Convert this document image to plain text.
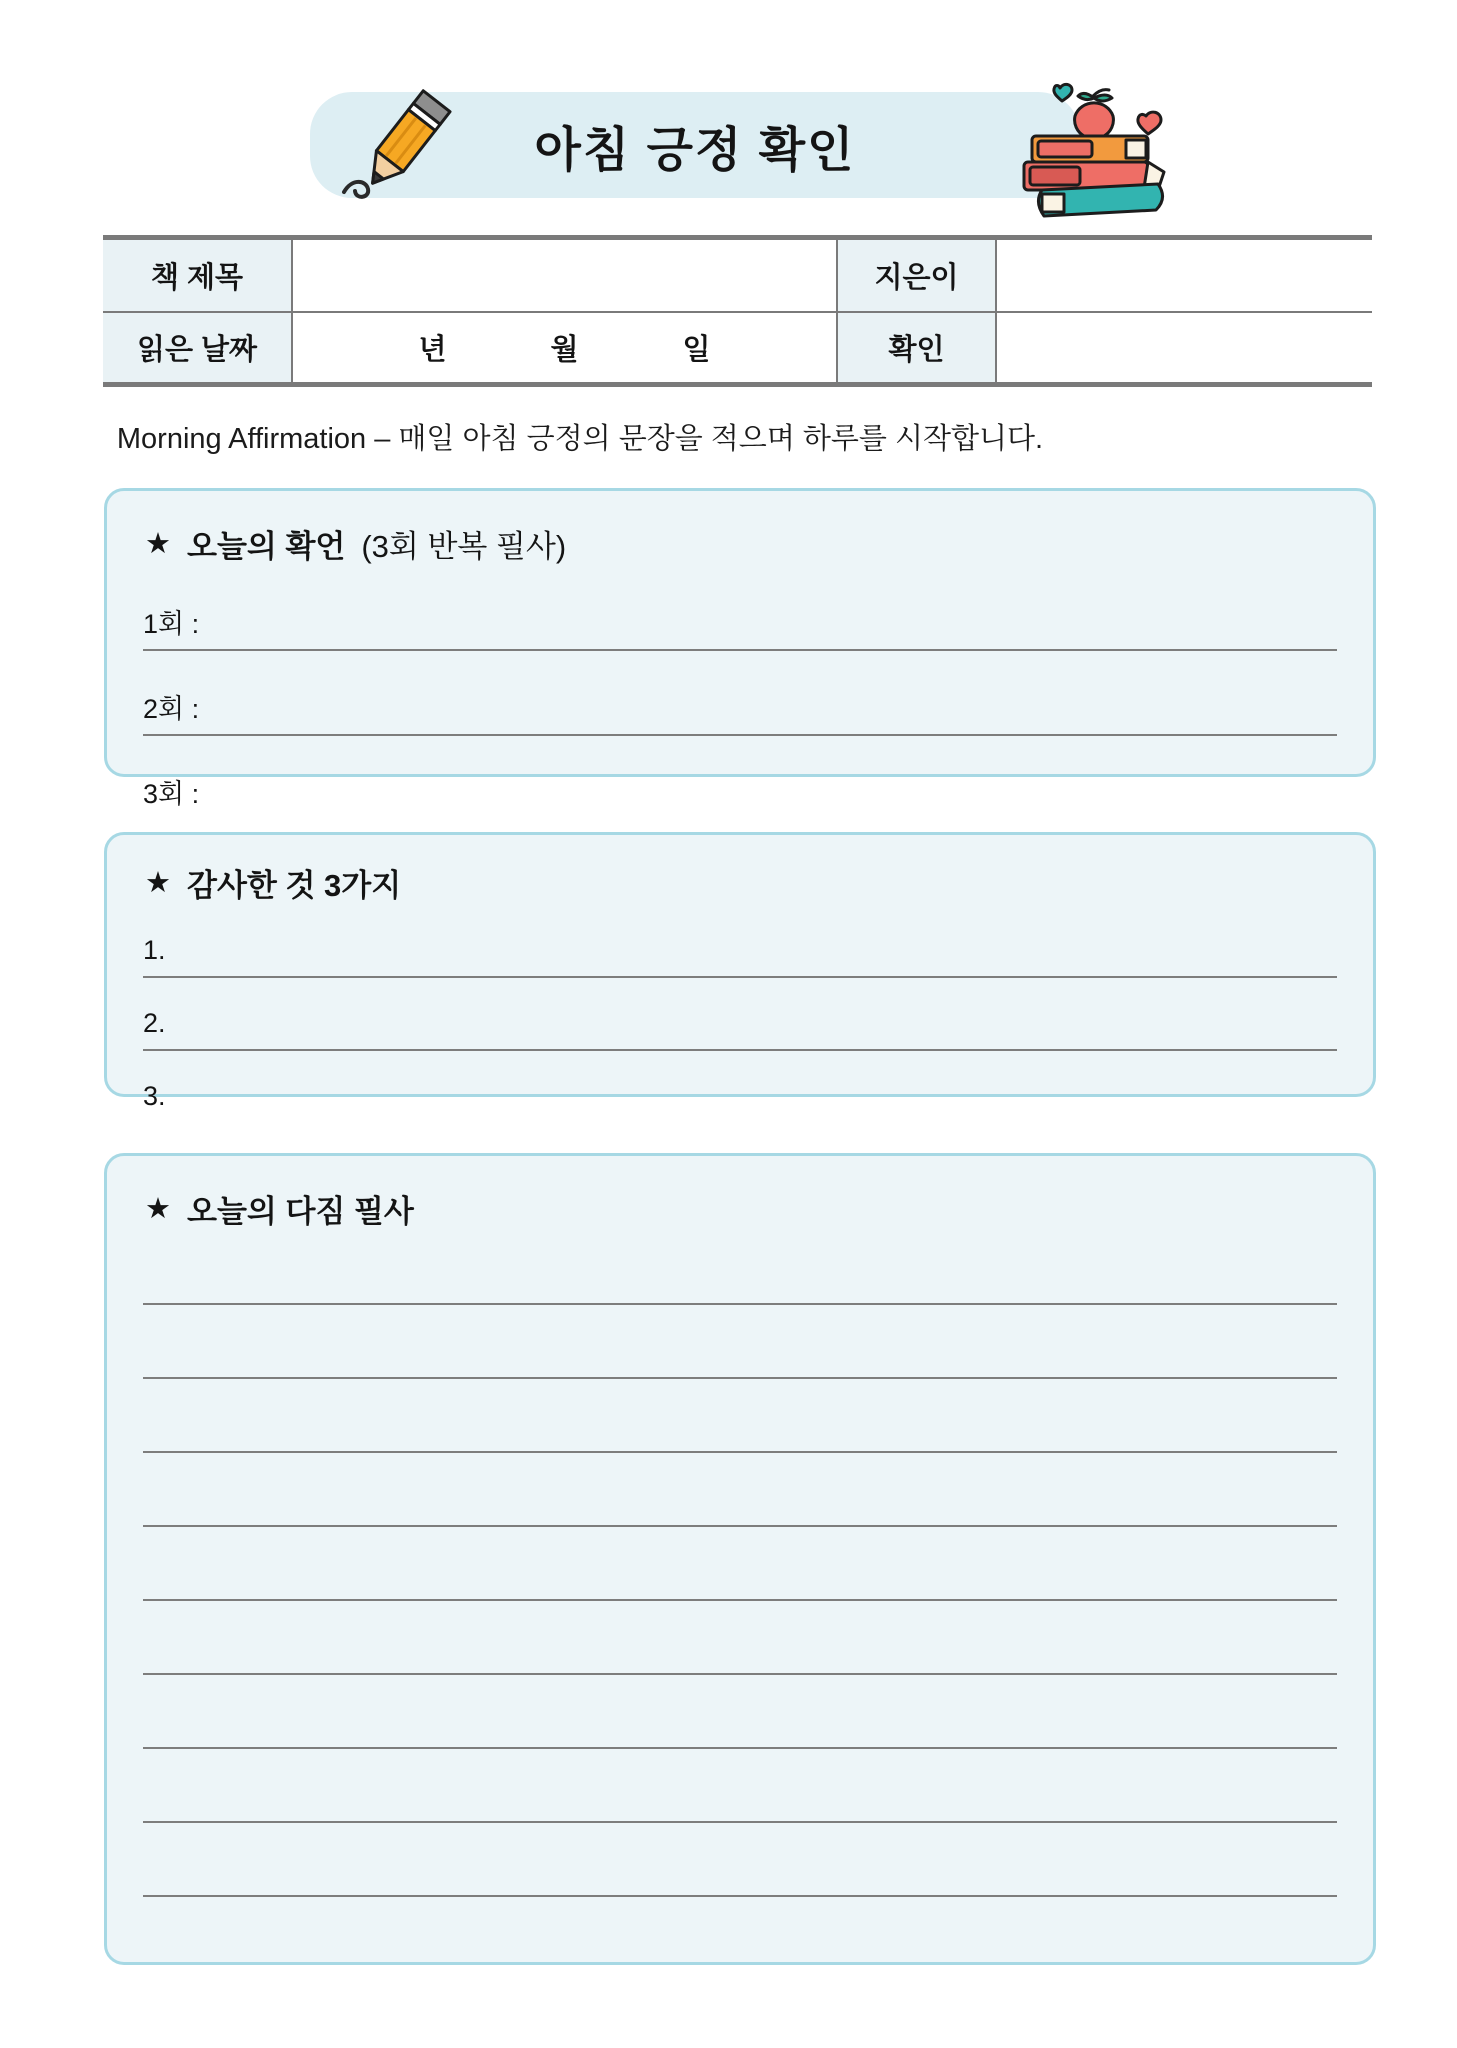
아침 긍정 확인
책 제목	지은이
읽은 날짜	년	월	일	확인
Morning Affirmation – 매일 아침 긍정의 문장을 적으며 하루를 시작합니다.
★ 오늘의 확언 (3회 반복 필사)
1회 :
2회 :
3회 :
★ 감사한 것 3가지
1.
2.
3.
★ 오늘의 다짐 필사
